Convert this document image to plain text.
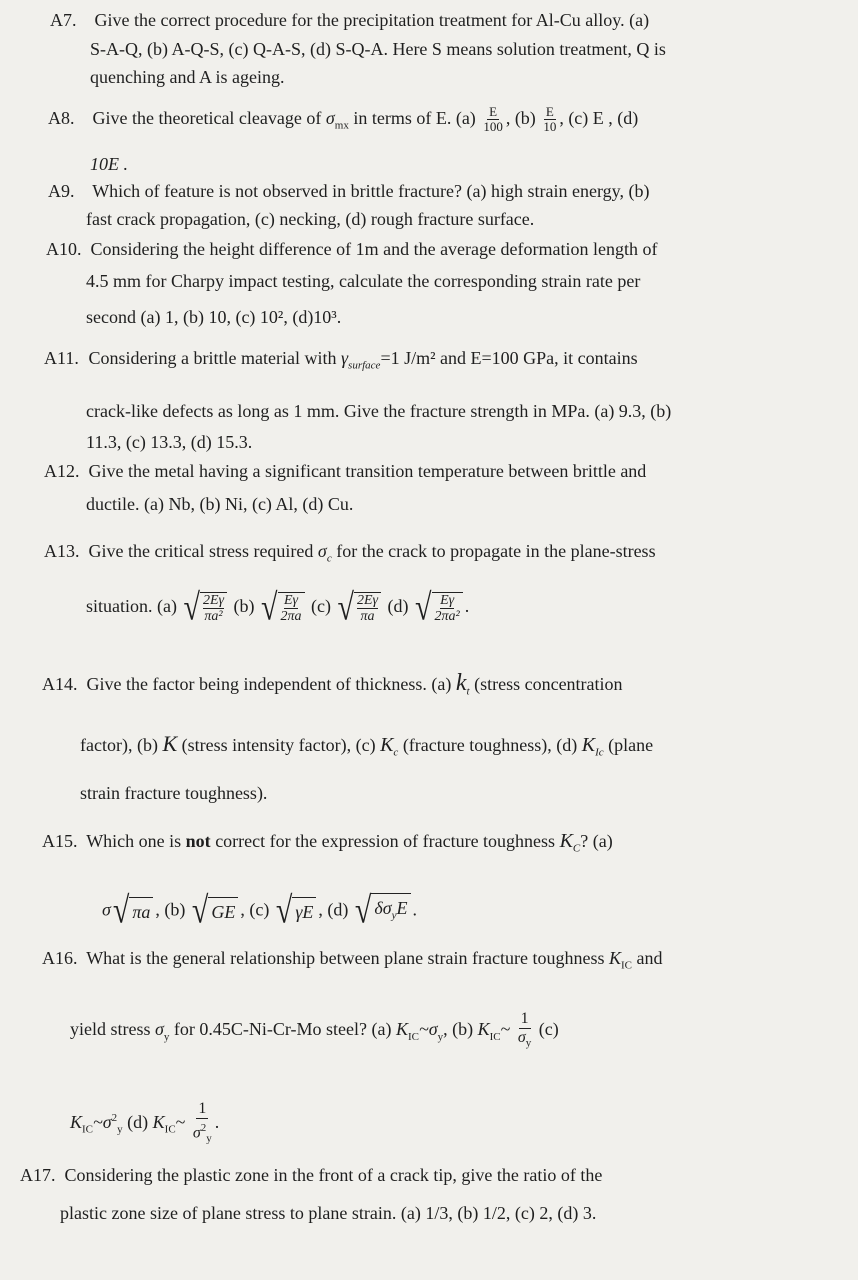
A7. Give the correct procedure for the precipitation treatment for Al-Cu alloy. (a)
S-A-Q, (b) A-Q-S, (c) Q-A-S, (d) S-Q-A. Here S means solution treatment, Q is
quenching and A is ageing.
A8. Give the theoretical cleavage of $\sigma_{mx}$ in terms of E. $(a) \frac{E}{100}$ , $(b) \frac{E}{10}$ , (c) E , (d)
10E .
A9. Which of feature is not observed in brittle fracture? (a) high strain energy, (b)
fast crack propagation, (c) necking, (d) rough fracture surface.
A10. Considering the height difference of 1m and the average deformation length of
4.5 mm for Charpy impact testing, calculate the corresponding strain rate per
second (a) 1, (b) 10, (c) 10², (d)10³.
A11. Considering a brittle material with $\gamma_{surface}=1$ J/m² and E=100 GPa, it contains
crack-like defects as long as 1 mm. Give the fracture strength in MPa. (a) 9.3, (b)
11.3, (c) 13.3, (d) 15.3.
A12. Give the metal having a significant transition temperature between brittle and
ductile. (a) Nb, (b) Ni, (c) Al, (d) Cu.
A13. Give the critical stress required $\sigma_c$ for the crack to propagate in the plane-stress
situation. (a) √ 2Eγ
πa²
(b) √ Eγ
2πa
(c) √ 2Eγ
πa
(d) √ Eγ
2πa²
.
A14. Give the factor being independent of thickness. (a) $k_t$ (stress concentration
factor), (b) K (stress intensity factor), (c) $K_c$ (fracture toughness), (d) $K_{Ic}$ (plane
strain fracture toughness).
A15. Which one is not correct for the expression of fracture toughness $K_C$? (a)
σ √ πa , (b) √ GE , (c) √ γE , (d) √ $\delta\sigma_yE$ .
A16. What is the general relationship between plane strain fracture toughness $K_{IC}$ and
yield stress $\sigma_y$ for 0.45C-Ni-Cr-Mo steel? (a) $K_{IC}\sim\sigma_y$, (b) $K_{IC}\sim \frac{1}{\sigma_y} (c)$
$K_{IC}\sim\sigma^2_y$ (d) $K_{IC}\sim \frac{1}{\sigma^2_y}$ .
A17. Considering the plastic zone in the front of a crack tip, give the ratio of the
plastic zone size of plane stress to plane strain. (a) 1/3, (b) 1/2, (c) 2, (d) 3.
